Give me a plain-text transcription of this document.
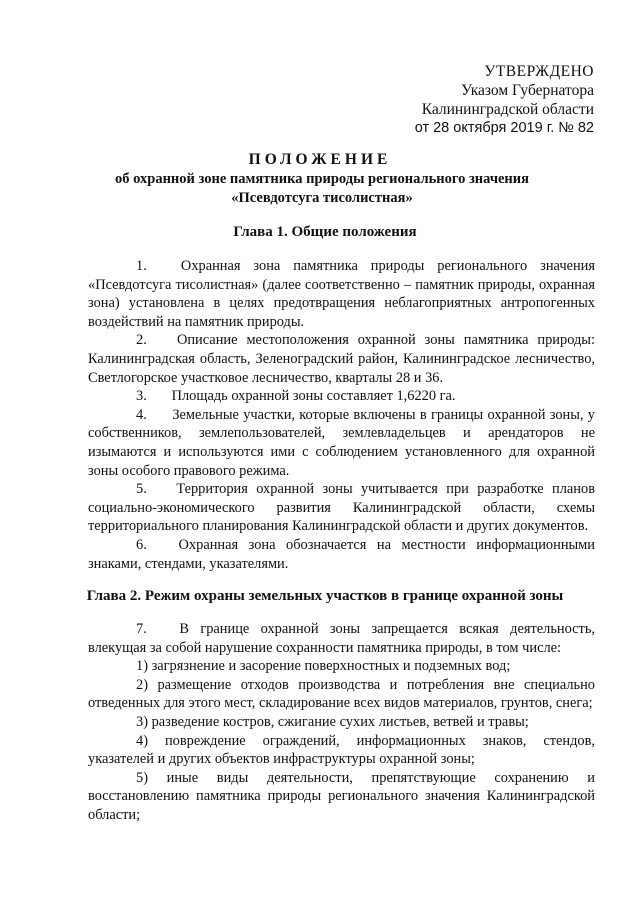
УТВЕРЖДЕНО
Указом Губернатора
Калининградской области
от 28 октября 2019 г. № 82
ПОЛОЖЕНИЕ
об охранной зоне памятника природы регионального значения
«Псевдотсуга тисолистная»
Глава 1. Общие положения

1. Охранная зона памятника природы регионального значения «Псевдотсуга тисолистная» (далее соответственно – памятник природы, охранная зона) установлена в целях предотвращения неблагоприятных антропогенных воздействий на памятник природы.

2. Описание местоположения охранной зоны памятника природы: Калининградская область, Зеленоградский район, Калининградское лесничество, Светлогорское участковое лесничество, кварталы 28 и 36.

3. Площадь охранной зоны составляет 1,6220 га.

4. Земельные участки, которые включены в границы охранной зоны, у собственников, землепользователей, землевладельцев и арендаторов не изымаются и используются ими с соблюдением установленного для охранной зоны особого правового режима.

5. Территория охранной зоны учитывается при разработке планов социально-экономического развития Калининградской области, схемы территориального планирования Калининградской области и других документов.

6. Охранная зона обозначается на местности информационными знаками, стендами, указателями.

Глава 2. Режим охраны земельных участков в границе охранной зоны

7. В границе охранной зоны запрещается всякая деятельность, влекущая за собой нарушение сохранности памятника природы, в том числе:

1) загрязнение и засорение поверхностных и подземных вод;

2) размещение отходов производства и потребления вне специально отведенных для этого мест, складирование всех видов материалов, грунтов, снега;

3) разведение костров, сжигание сухих листьев, ветвей и травы;

4) повреждение ограждений, информационных знаков, стендов, указателей и других объектов инфраструктуры охранной зоны;

5) иные виды деятельности, препятствующие сохранению и восстановлению памятника природы регионального значения Калининградской области;
